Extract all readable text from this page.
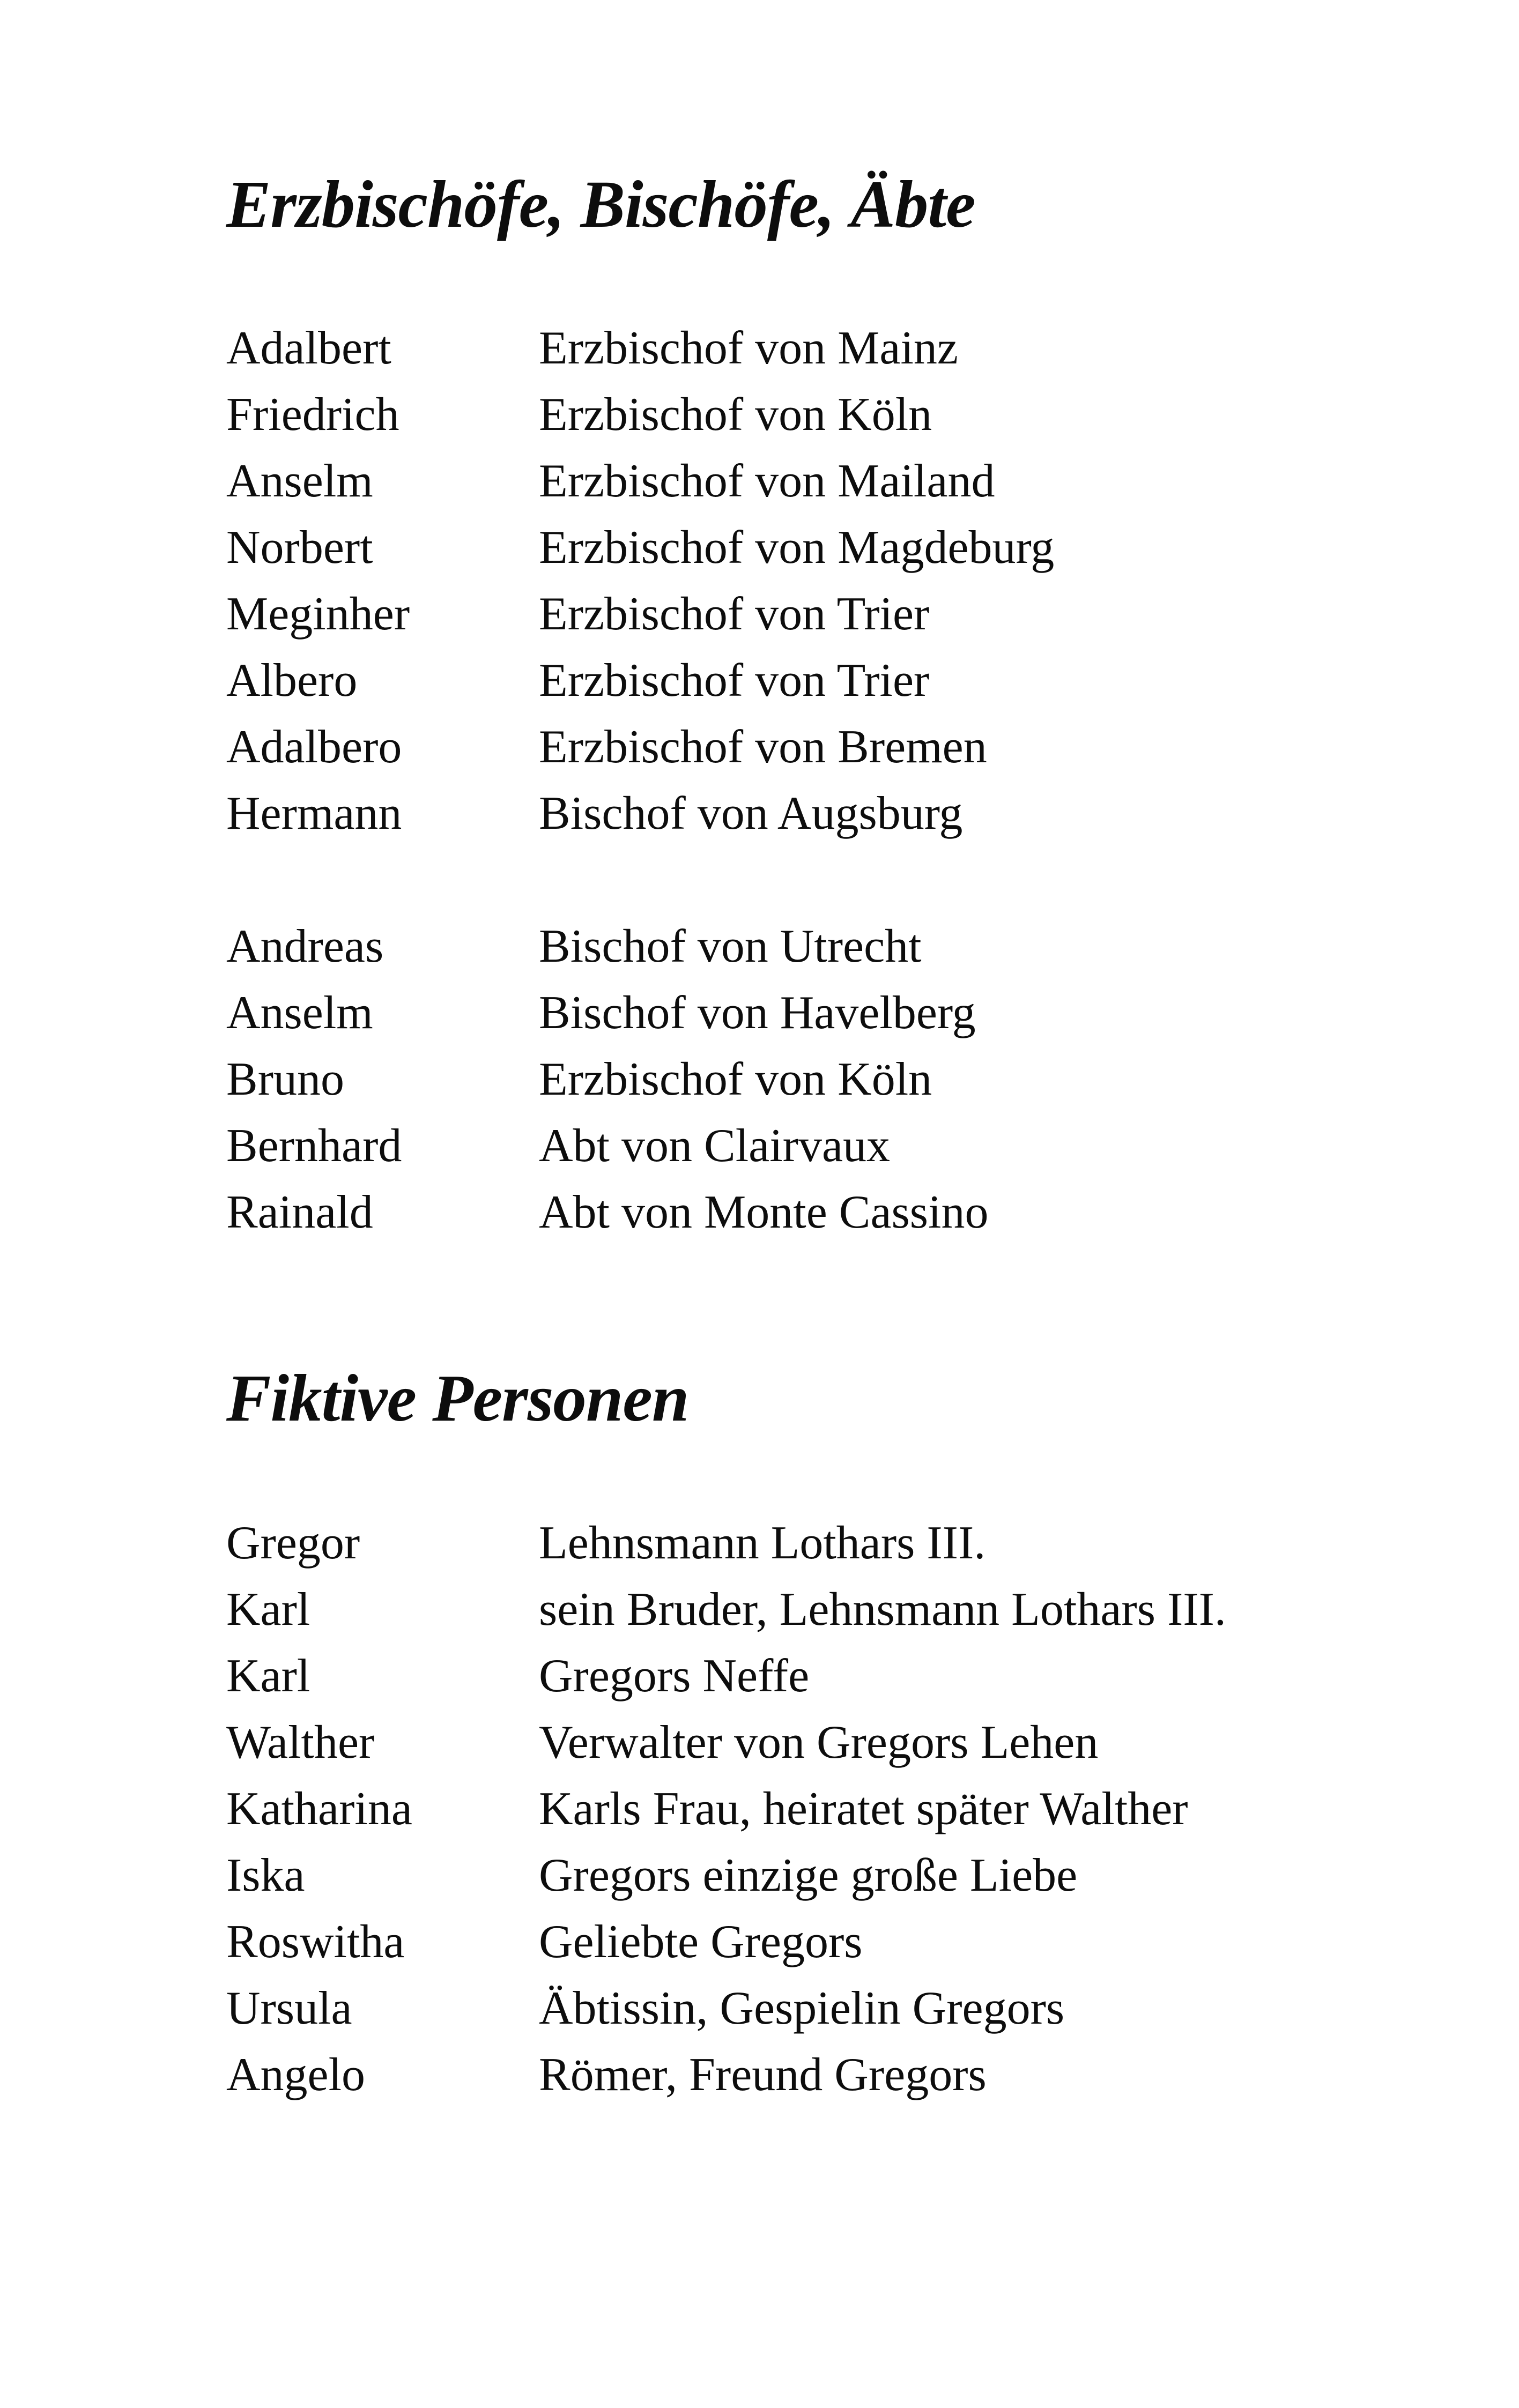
Erzbischöfe, Bischöfe, Äbte
Adalbert	Erzbischof von Mainz
Friedrich	Erzbischof von Köln
Anselm	Erzbischof von Mailand
Norbert	Erzbischof von Magdeburg
Meginher	Erzbischof von Trier
Albero	Erzbischof von Trier
Adalbero	Erzbischof von Bremen
Hermann	Bischof von Augsburg
Andreas	Bischof von Utrecht
Anselm	Bischof von Havelberg
Bruno	Erzbischof von Köln
Bernhard	Abt von Clairvaux
Rainald	Abt von Monte Cassino
Fiktive Personen
Gregor	Lehnsmann Lothars III.
Karl	sein Bruder, Lehnsmann Lothars III.
Karl	Gregors Neffe
Walther	Verwalter von Gregors Lehen
Katharina	Karls Frau, heiratet später Walther
Iska	Gregors einzige große Liebe
Roswitha	Geliebte Gregors
Ursula	Äbtissin, Gespielin Gregors
Angelo	Römer, Freund Gregors
